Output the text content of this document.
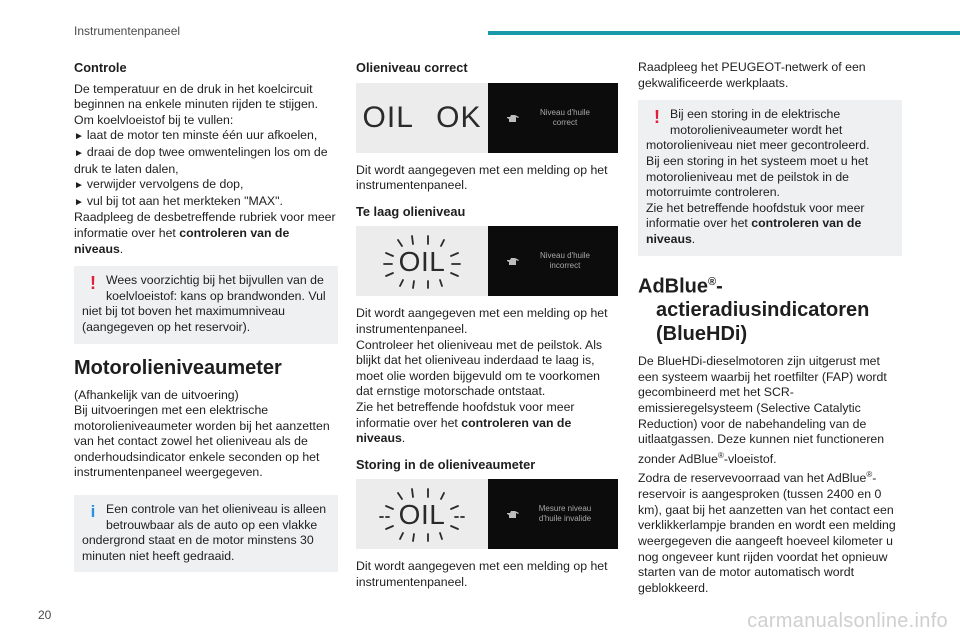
Instrumentenpaneel
Controle

De temperatuur en de druk in het koelcircuit beginnen na enkele minuten rijden te stijgen.

Om koelvloeistof bij te vullen:

► laat de motor ten minste één uur afkoelen,

► draai de dop twee omwentelingen los om de druk te laten dalen,

► verwijder vervolgens de dop,

► vul bij tot aan het merkteken "MAX".

Raadpleeg de desbetreffende rubriek voor meer informatie over het controleren van de niveaus.

! Wees voorzichtig bij het bijvullen van de

koelvloeistof: kans op brandwonden. Vul niet bij tot boven het maximumniveau (aangegeven op het reservoir).

Motorolieniveaumeter

(Afhankelijk van de uitvoering)

Bij uitvoeringen met een elektrische motorolieniveaumeter worden bij het aanzetten van het contact zowel het olieniveau als de onderhoudsindicator enkele seconden op het instrumentenpaneel weergegeven.

i Een controle van het olieniveau is alleen

betrouwbaar als de auto op een vlakke ondergrond staat en de motor minstens 30 minuten niet heeft gedraaid.

Olieniveau correct
OIL OK	Niveau d'huile correct

Dit wordt aangegeven met een melding op het instrumentenpaneel.

Te laag olieniveau
OIL	Niveau d'huile incorrect

Dit wordt aangegeven met een melding op het instrumentenpaneel.

Controleer het olieniveau met de peilstok. Als blijkt dat het olieniveau inderdaad te laag is, moet olie worden bijgevuld om te voorkomen dat ernstige motorschade ontstaat.

Zie het betreffende hoofdstuk voor meer informatie over het controleren van de niveaus.

Storing in de olieniveaumeter
OIL	Mesure niveau d'huile invalide

Dit wordt aangegeven met een melding op het instrumentenpaneel.

Raadpleeg het PEUGEOT-netwerk of een gekwalificeerde werkplaats.

! Bij een storing in de elektrische

motorolieniveaumeter wordt het motorolieniveau niet meer gecontroleerd.

Bij een storing in het systeem moet u het motorolieniveau met de peilstok in de motorruimte controleren.

Zie het betreffende hoofdstuk voor meer informatie over het controleren van de niveaus.

AdBlue®-
actieradiusindicatoren
(BlueHDi)

De BlueHDi-dieselmotoren zijn uitgerust met een systeem waarbij het roetfilter (FAP) wordt gecombineerd met het SCR-emissieregelsysteem (Selective Catalytic Reduction) voor de nabehandeling van de uitlaatgassen. Deze kunnen niet functioneren zonder AdBlue®-vloeistof.

Zodra de reservevoorraad van het AdBlue®-reservoir is aangesproken (tussen 2400 en 0 km), gaat bij het aanzetten van het contact een verklikkerlampje branden en wordt een melding weergegeven die aangeeft hoeveel kilometer u nog ongeveer kunt rijden voordat het opnieuw starten van de motor automatisch wordt geblokkeerd.

20	carmanualsonline.info
